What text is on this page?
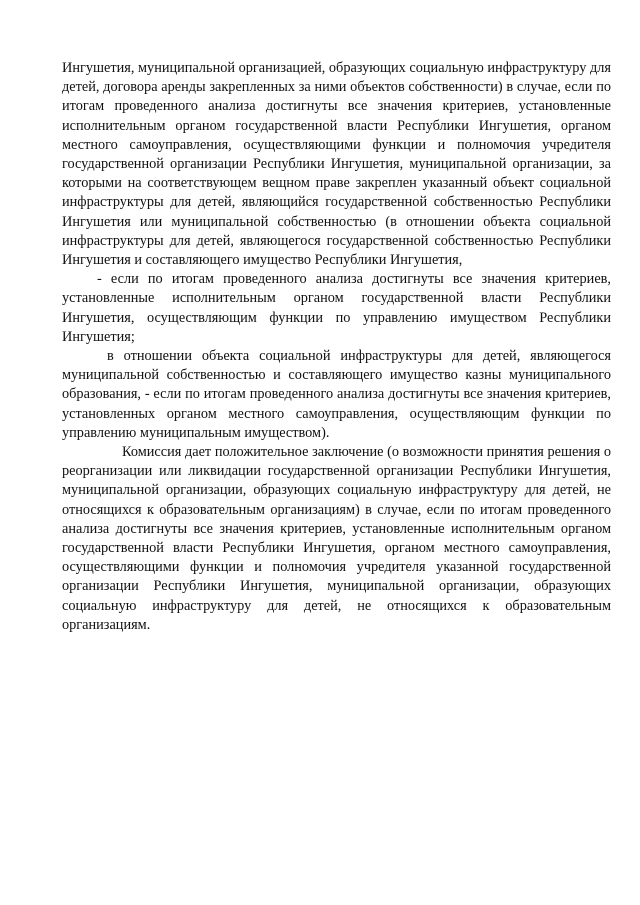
Ингушетия, муниципальной организацией, образующих социальную инфраструктуру для детей, договора аренды закрепленных за ними объектов собственности) в случае, если по итогам проведенного анализа достигнуты все значения критериев, установленные исполнительным органом государственной власти Республики Ингушетия, органом местного самоуправления, осуществляющими функции и полномочия учредителя государственной организации Республики Ингушетия, муниципальной организации, за которыми на соответствующем вещном праве закреплен указанный объект социальной инфраструктуры для детей, являющийся государственной собственностью Республики Ингушетия или муниципальной собственностью (в отношении объекта социальной инфраструктуры для детей, являющегося государственной собственностью Республики Ингушетия и составляющего имущество Республики Ингушетия,

- если по итогам проведенного анализа достигнуты все значения критериев, установленные исполнительным органом государственной власти Республики Ингушетия, осуществляющим функции по управлению имуществом Республики Ингушетия;

в отношении объекта социальной инфраструктуры для детей, являющегося муниципальной собственностью и составляющего имущество казны муниципального образования, - если по итогам проведенного анализа достигнуты все значения критериев, установленных органом местного самоуправления, осуществляющим функции по управлению муниципальным имуществом).

Комиссия дает положительное заключение (о возможности принятия решения о реорганизации или ликвидации государственной организации Республики Ингушетия, муниципальной организации, образующих социальную инфраструктуру для детей, не относящихся к образовательным организациям) в случае, если по итогам проведенного анализа достигнуты все значения критериев, установленные исполнительным органом государственной власти Республики Ингушетия, органом местного самоуправления, осуществляющими функции и полномочия учредителя указанной государственной организации Республики Ингушетия, муниципальной организации, образующих социальную инфраструктуру для детей, не относящихся к образовательным организациям.
